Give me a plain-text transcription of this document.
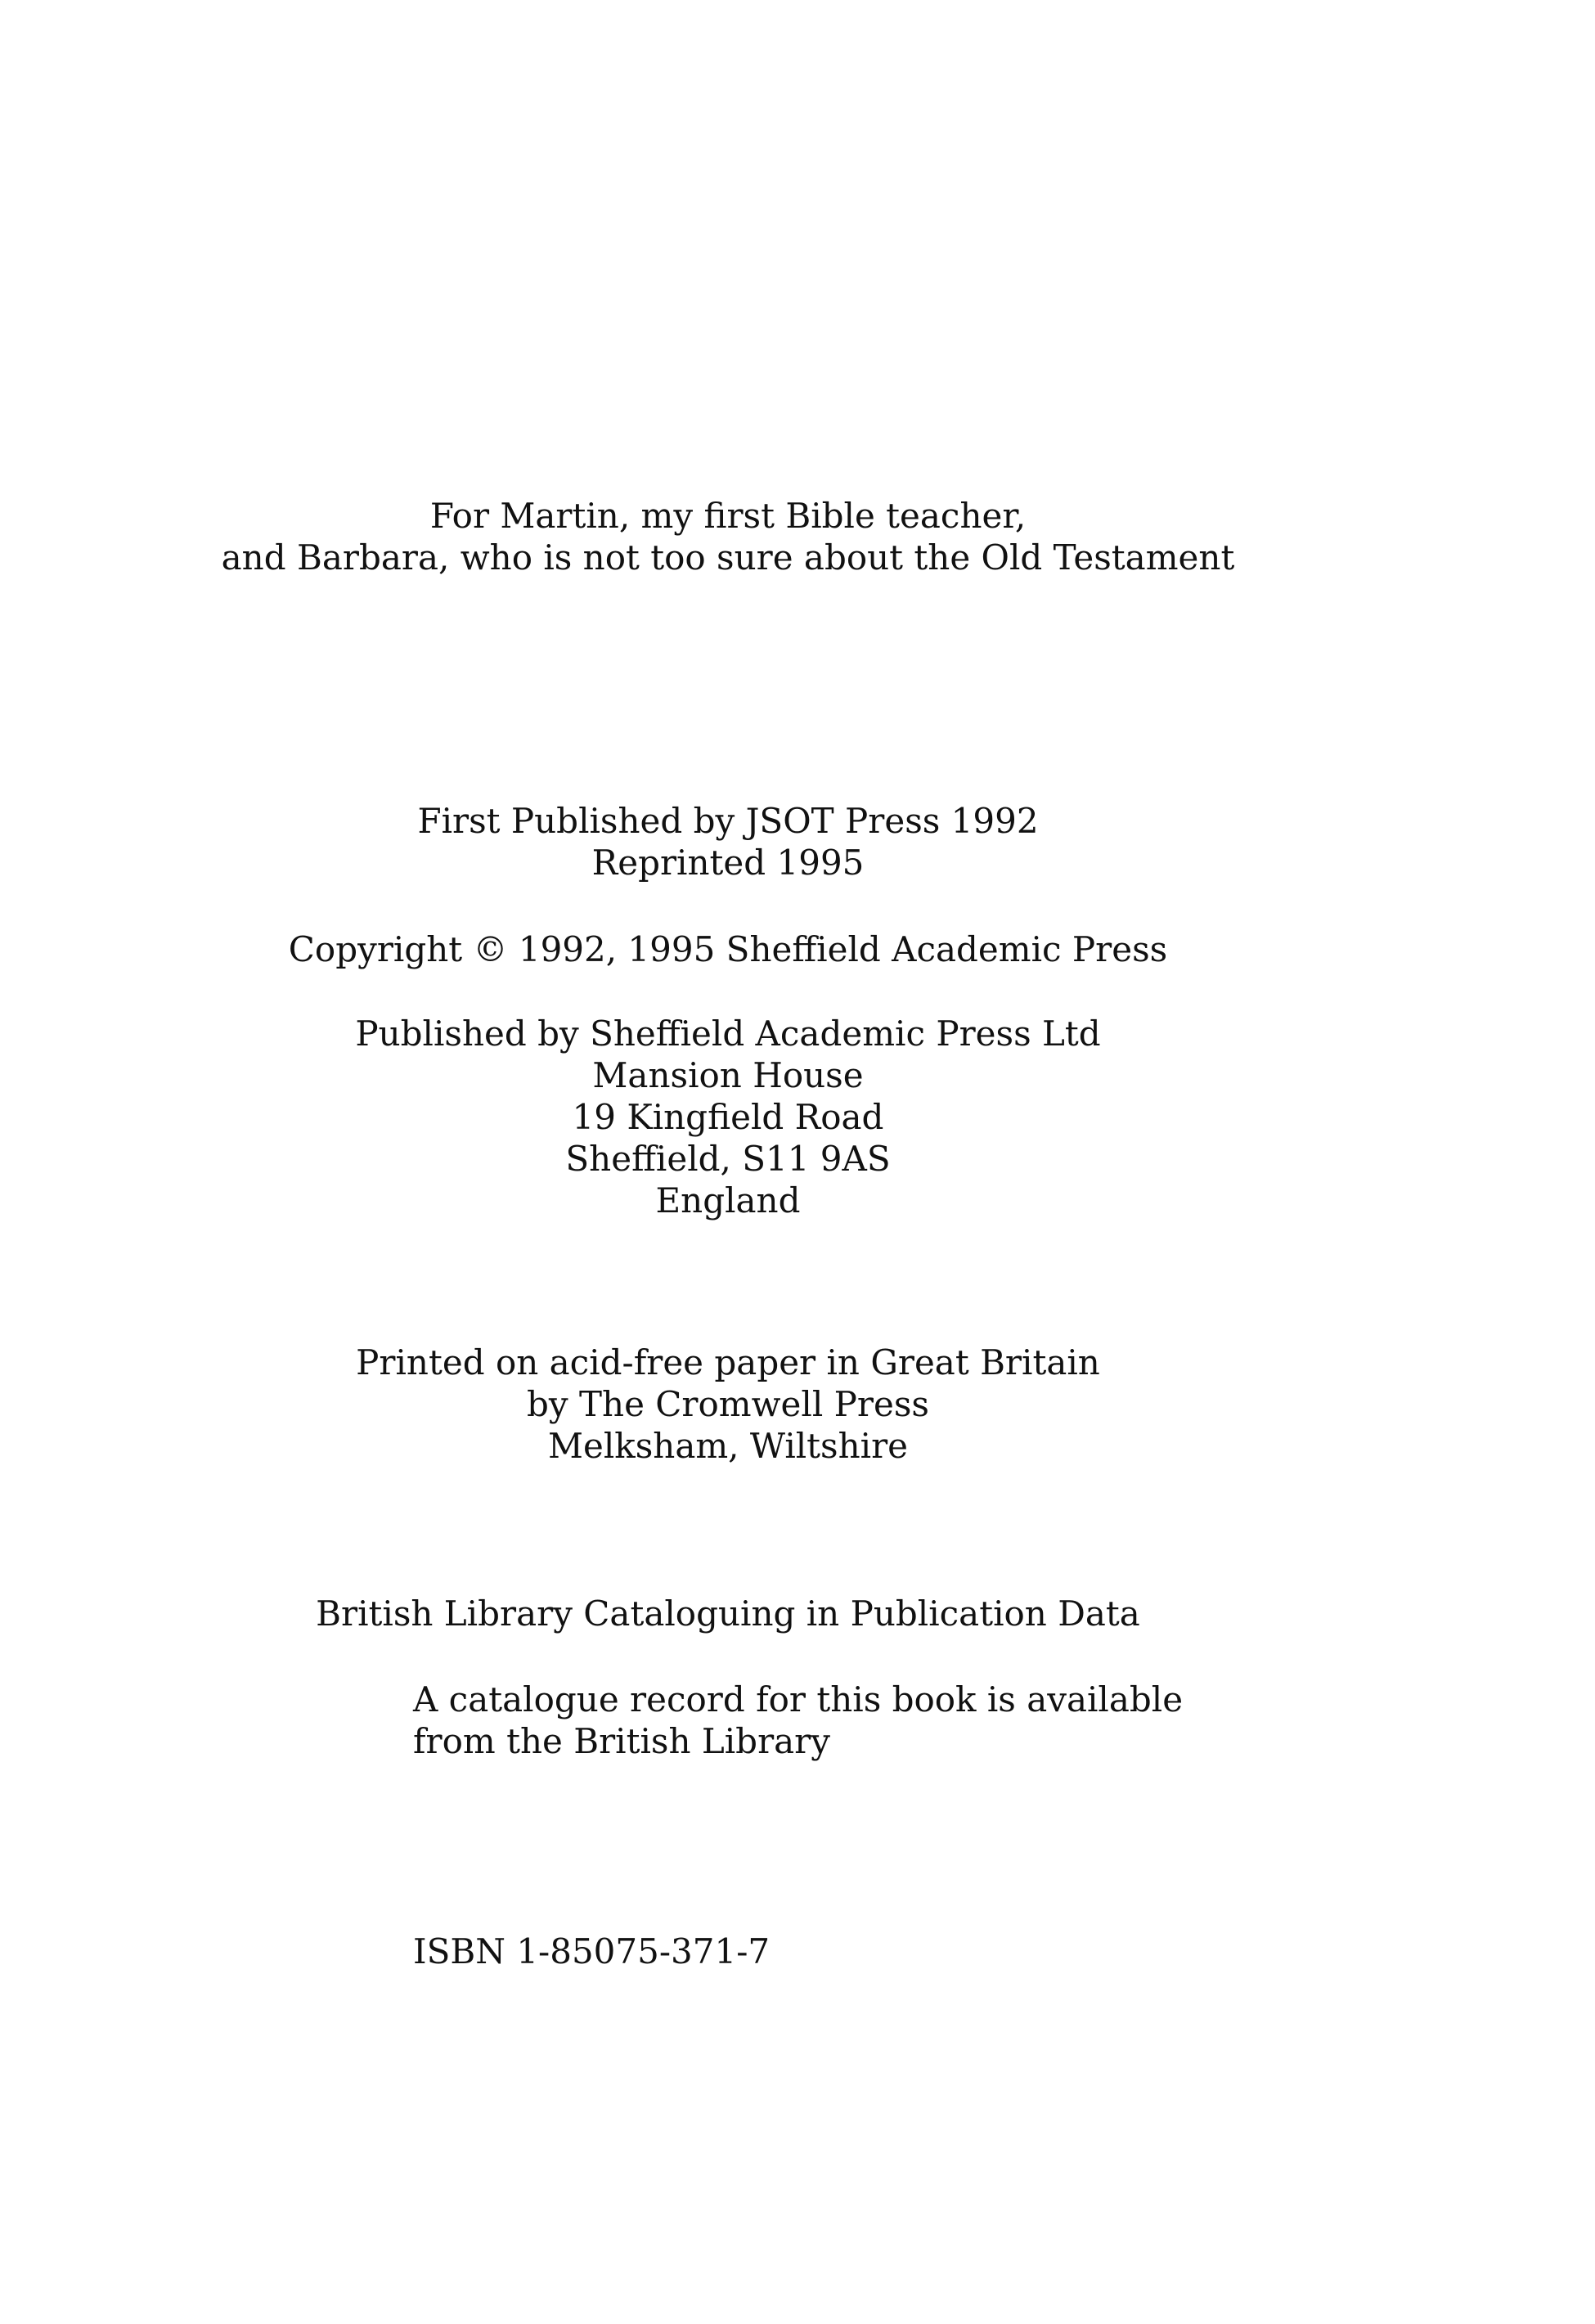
For Martin, my first Bible teacher,
and Barbara, who is not too sure about the Old Testament
First Published by JSOT Press 1992
Reprinted 1995
Copyright © 1992, 1995 Sheffield Academic Press
Published by Sheffield Academic Press Ltd
Mansion House
19 Kingfield Road
Sheffield, S11 9AS
England
Printed on acid-free paper in Great Britain
by The Cromwell Press
Melksham, Wiltshire
British Library Cataloguing in Publication Data
A catalogue record for this book is available
from the British Library
ISBN 1-85075-371-7
